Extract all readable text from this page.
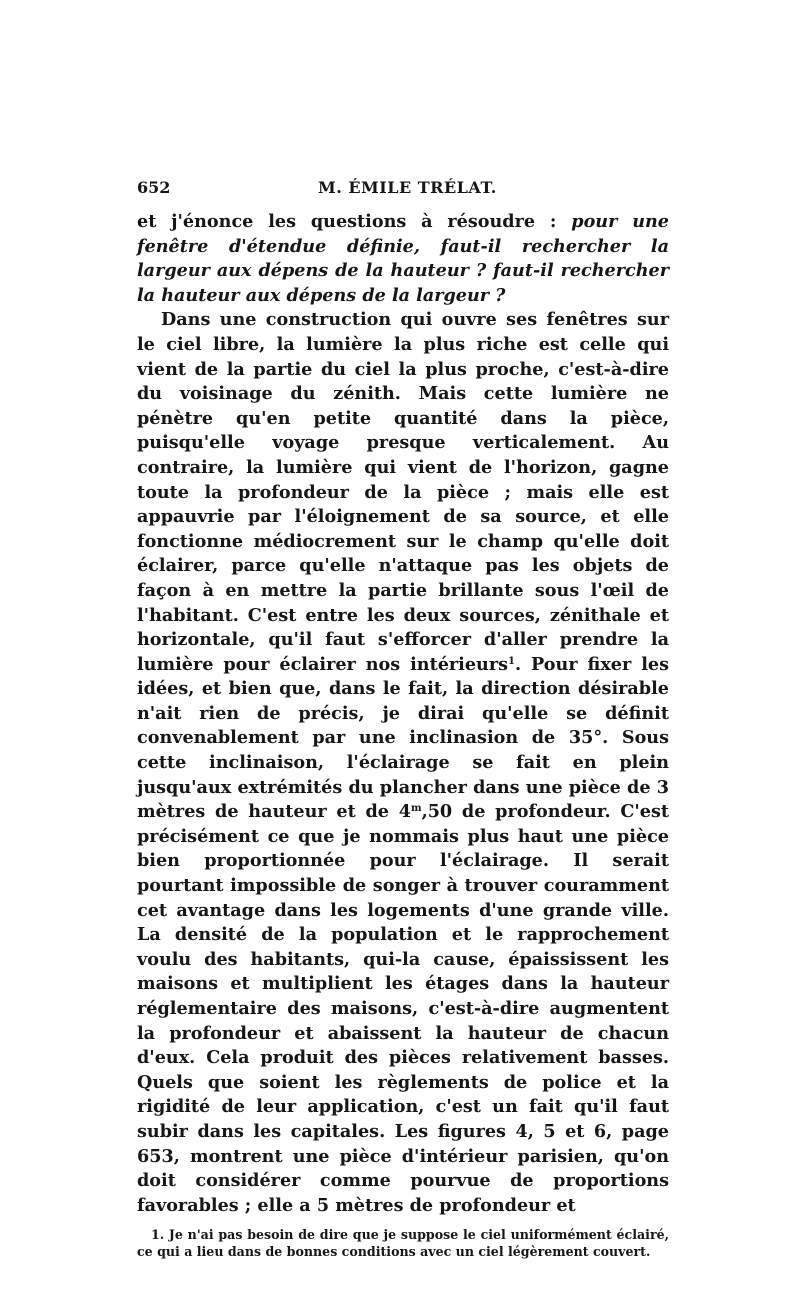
652	M. ÉMILE TRÉLAT.

et j'énonce les questions à résoudre : pour une fenêtre d'étendue définie, faut-il rechercher la largeur aux dépens de la hauteur ? faut-il rechercher la hauteur aux dépens de la largeur ?

Dans une construction qui ouvre ses fenêtres sur le ciel libre, la lumière la plus riche est celle qui vient de la partie du ciel la plus proche, c'est-à-dire du voisinage du zénith. Mais cette lumière ne pénètre qu'en petite quantité dans la pièce, puisqu'elle voyage presque verticalement. Au contraire, la lumière qui vient de l'horizon, gagne toute la profondeur de la pièce ; mais elle est appauvrie par l'éloignement de sa source, et elle fonctionne médiocrement sur le champ qu'elle doit éclairer, parce qu'elle n'attaque pas les objets de façon à en mettre la partie brillante sous l'œil de l'habitant. C'est entre les deux sources, zénithale et horizontale, qu'il faut s'efforcer d'aller prendre la lumière pour éclairer nos intérieurs$^1$. Pour fixer les idées, et bien que, dans le fait, la direction désirable n'ait rien de précis, je dirai qu'elle se définit convenablement par une inclinasion de 35°. Sous cette inclinaison, l'éclairage se fait en plein jusqu'aux extrémités du plancher dans une pièce de 3 mètres de hauteur et de 4$^m$,50 de profondeur. C'est précisément ce que je nommais plus haut une pièce bien proportionnée pour l'éclairage. Il serait pourtant impossible de songer à trouver couramment cet avantage dans les logements d'une grande ville. La densité de la population et le rapprochement voulu des habitants, qui-la cause, épaississent les maisons et multiplient les étages dans la hauteur réglementaire des maisons, c'est-à-dire augmentent la profondeur et abaissent la hauteur de chacun d'eux. Cela produit des pièces relativement basses. Quels que soient les règlements de police et la rigidité de leur application, c'est un fait qu'il faut subir dans les capitales. Les figures 4, 5 et 6, page 653, montrent une pièce d'intérieur parisien, qu'on doit considérer comme pourvue de proportions favorables ; elle a 5 mètres de profondeur et

1. Je n'ai pas besoin de dire que je suppose le ciel uniformément éclairé, ce qui a lieu dans de bonnes conditions avec un ciel légèrement couvert.
